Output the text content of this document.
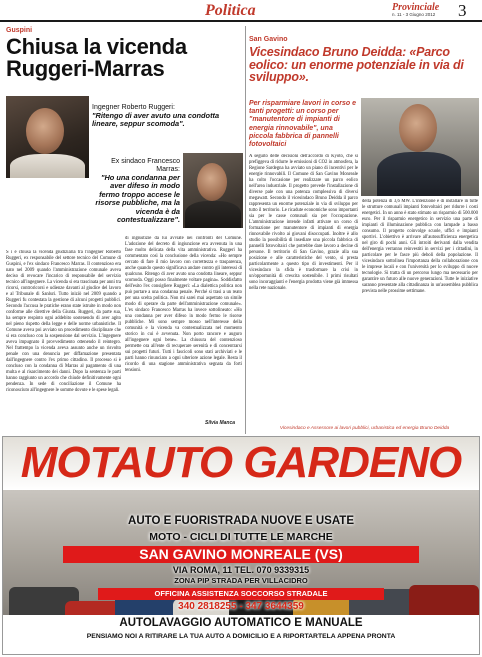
Politica	Provinciale
n. 11 - 3 Giugno 2012 3
Guspini
Chiusa la vicenda Ruggeri-Marras
Ingegner Roberto Ruggeri:
"Ritengo di aver avuto una condotta lineare, seppur scomoda".
Ex sindaco Francesco Marras:
"Ho una condanna per aver difeso in modo fermo troppo accese le risorse pubbliche, ma la vicenda è da contestualizzare".
S i è chiusa la vicenda giudiziaria tra l'ingegner Roberto Ruggeri, ex responsabile del settore tecnico del Comune di Guspini, e l'ex sindaco Francesco Marras. Il contenzioso era nato nel 2009 quando l'amministrazione comunale aveva deciso di revocare l'incarico di responsabile del servizio tecnico all'ingegnere. La vicenda si era trascinata per anni tra ricorsi, controricorsi e udienze davanti al giudice del lavoro e al Tribunale di Sanluri. Tutto iniziò nel 2009 quando a Ruggeri fu contestata la gestione di alcuni progetti pubblici. Secondo l'accusa le pratiche erano state istruite in modo non conforme alle direttive della Giunta. Ruggeri, da parte sua, ha sempre respinto ogni addebito sostenendo di aver agito nel pieno rispetto della legge e delle norme urbanistiche. Il Comune aveva poi avviato un procedimento disciplinare che si era concluso con la sospensione dal servizio. L'ingegnere aveva impugnato il provvedimento ottenendo il reintegro. Nel frattempo la vicenda aveva assunto anche un risvolto penale con una denuncia per diffamazione presentata dall'ingegnere contro l'ex primo cittadino. Il processo si è concluso con la condanna di Marras al pagamento di una multa e al risarcimento dei danni. Dopo la sentenza le parti hanno raggiunto un accordo che chiude definitivamente ogni pendenza. In sede di conciliazione il Comune ha riconosciuto all'ingegnere le somme dovute e le spese legali.
di ingiustizie da lui avviate nei confronti del Comune. L'adozione del decreto di ingiunzione era avvenuta in una fase molto delicata della vita amministrativa. Ruggeri ha commentato così la conclusione della vicenda: «Ho sempre cercato di fare il mio lavoro con correttezza e trasparenza, anche quando questo significava andare contro gli interessi di qualcuno. Ritengo di aver avuto una condotta lineare, seppur scomoda. Oggi posso finalmente voltare pagina». Soddisfatto dell'esito l'ex consigliere Ruggeri: «La dialettica politica non può portare a una condanna penale. Perché si trasi a un reato per una scelta politica. Non mi sarei mai aspettato un simile modo di operare da parte dell'amministrazione comunale». L'ex sindaco Francesco Marras ha invece sottolineato: «Ho una condanna per aver difeso in modo fermo le risorse pubbliche. Mi sono sempre mosso nell'interesse della comunità e la vicenda va contestualizzata nel momento storico in cui è avvenuta. Non porto rancore e auguro all'ingegnere ogni bene». La chiusura del contenzioso permette ora all'ente di recuperare serenità e di concentrarsi sui progetti futuri. Tutti i fascicoli sono stati archiviati e le parti hanno rinunciato a ogni ulteriore azione legale. Resta il ricordo di una stagione amministrativa segnata da forti tensioni.
Silvia Manca
San Gavino
Vicesindaco Bruno Deidda: «Parco eolico: un enorme potenziale in via di sviluppo».
Per risparmiare lavori in corso e tanti progetti: un corso per "manutentore di impianti di energia rinnovabile", una piccola fabbrica di pannelli fotovoltaici
A seguito delle decisioni dell'accordo di Kyoto, che si prefiggeva di ridurre le emissioni di CO2 in atmosfera, la Regione Sardegna ha avviato un piano di incentivi per le energie rinnovabili. Il Comune di San Gavino Monreale ha colto l'occasione per realizzare un parco eolico nell'area industriale. Il progetto prevede l'installazione di diverse pale con una potenza complessiva di diversi megawatt. Secondo il vicesindaco Bruno Deidda il parco rappresenta un enorme potenziale in via di sviluppo per tutto il territorio. Le ricadute economiche sono importanti sia per le casse comunali sia per l'occupazione. L'amministrazione intende infatti attivare un corso di formazione per manutentore di impianti di energia rinnovabile rivolto ai giovani disoccupati. Inoltre è allo studio la possibilità di insediare una piccola fabbrica di pannelli fotovoltaici che potrebbe dare lavoro a decine di persone. Il territorio di San Gavino, grazie alla sua posizione e alle caratteristiche del vento, si presta particolarmente a questo tipo di investimenti. Per il vicesindaco la sfida è trasformare la crisi in un'opportunità di crescita sostenibile. I primi risultati sono incoraggianti e l'energia prodotta viene già immessa nella rete nazionale.
della potenza di 3,6 MW. L'intenzione è di installare in tutte le strutture comunali impianti fotovoltaici per ridurre i costi energetici. In un anno è stato stimato un risparmio di 500.000 euro. Per il risparmio energetico in servizio una parte di impianti di illuminazione pubblica con lampade a basso consumo. Il progetto coinvolge scuole, uffici e impianti sportivi. L'obiettivo è arrivare all'autosufficienza energetica nel giro di pochi anni. Gli introiti derivanti dalla vendita dell'energia verranno reinvestiti in servizi per i cittadini, in particolare per le fasce più deboli della popolazione. Il vicesindaco sottolinea l'importanza della collaborazione con le imprese locali e con l'università per lo sviluppo di nuove tecnologie. Si tratta di un percorso lungo ma necessario per garantire un futuro alle nuove generazioni. Tutte le iniziative saranno presentate alla cittadinanza in un'assemblea pubblica prevista nelle prossime settimane.
Vicesindaco e Assessore ai lavori pubblici, urbanistica ed energia Bruno Deidda
MOTAUTO GARDENO
AUTO E FUORISTRADA NUOVE E USATE
MOTO - CICLI DI TUTTE LE MARCHE
SAN GAVINO MONREALE (VS)
VIA ROMA, 11 TEL. 070 9339315
ZONA PIP STRADA PER VILLACIDRO
OFFICINA ASSISTENZA SOCCORSO STRADALE
340 2818255 - 347 3644359
AUTOLAVAGGIO AUTOMATICO E MANUALE
PENSIAMO NOI A RITIRARE LA TUA AUTO A DOMICILIO E A RIPORTARTELA APPENA PRONTA
